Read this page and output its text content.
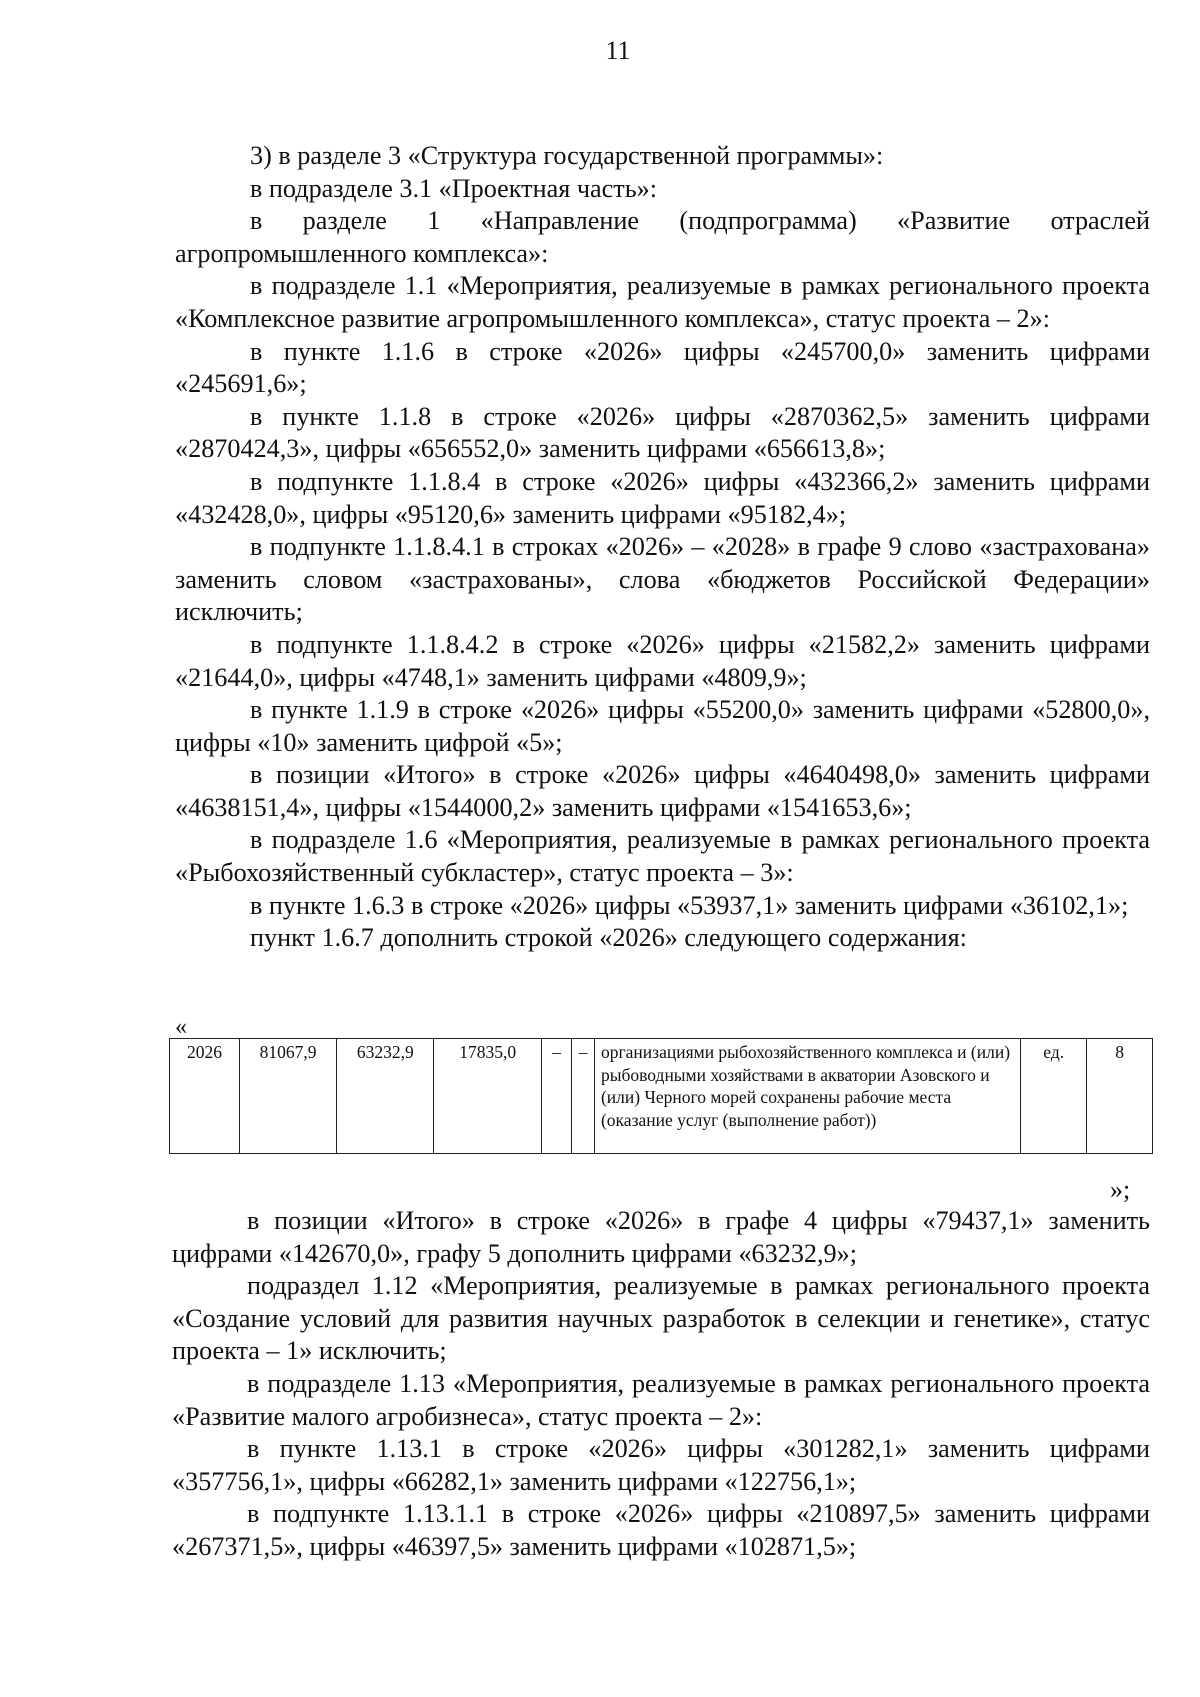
11

3) в разделе 3 «Структура государственной программы»:

в подразделе 3.1 «Проектная часть»:

в разделе 1 «Направление (подпрограмма) «Развитие отраслей агропромышленного комплекса»:

в подразделе 1.1 «Мероприятия, реализуемые в рамках регионального проекта «Комплексное развитие агропромышленного комплекса», статус проекта – 2»:

в пункте 1.1.6 в строке «2026» цифры «245700,0» заменить цифрами «245691,6»;

в пункте 1.1.8 в строке «2026» цифры «2870362,5» заменить цифрами «2870424,3», цифры «656552,0» заменить цифрами «656613,8»;

в подпункте 1.1.8.4 в строке «2026» цифры «432366,2» заменить цифрами «432428,0», цифры «95120,6» заменить цифрами «95182,4»;

в подпункте 1.1.8.4.1 в строках «2026» – «2028» в графе 9 слово «застрахована» заменить словом «застрахованы», слова «бюджетов Российской Федерации» исключить;

в подпункте 1.1.8.4.2 в строке «2026» цифры «21582,2» заменить цифрами «21644,0», цифры «4748,1» заменить цифрами «4809,9»;

в пункте 1.1.9 в строке «2026» цифры «55200,0» заменить цифрами «52800,0», цифры «10» заменить цифрой «5»;

в позиции «Итого» в строке «2026» цифры «4640498,0» заменить цифрами «4638151,4», цифры «1544000,2» заменить цифрами «1541653,6»;

в подразделе 1.6 «Мероприятия, реализуемые в рамках регионального проекта «Рыбохозяйственный субкластер», статус проекта – 3»:

в пункте 1.6.3 в строке «2026» цифры «53937,1» заменить цифрами «36102,1»;

пункт 1.6.7 дополнить строкой «2026» следующего содержания:

«
2026	81067,9	63232,9	17835,0	–	–	организациями рыбохозяйственного комплекса и (или) рыбоводными хозяйствами в акватории Азовского и (или) Черного морей сохранены рабочие места (оказание услуг (выполнение работ))	ед.	8
»;

в позиции «Итого» в строке «2026» в графе 4 цифры «79437,1» заменить цифрами «142670,0», графу 5 дополнить цифрами «63232,9»;

подраздел 1.12 «Мероприятия, реализуемые в рамках регионального проекта «Создание условий для развития научных разработок в селекции и генетике», статус проекта – 1» исключить;

в подразделе 1.13 «Мероприятия, реализуемые в рамках регионального проекта «Развитие малого агробизнеса», статус проекта – 2»:

в пункте 1.13.1 в строке «2026» цифры «301282,1» заменить цифрами «357756,1», цифры «66282,1» заменить цифрами «122756,1»;

в подпункте 1.13.1.1 в строке «2026» цифры «210897,5» заменить цифрами «267371,5», цифры «46397,5» заменить цифрами «102871,5»;
